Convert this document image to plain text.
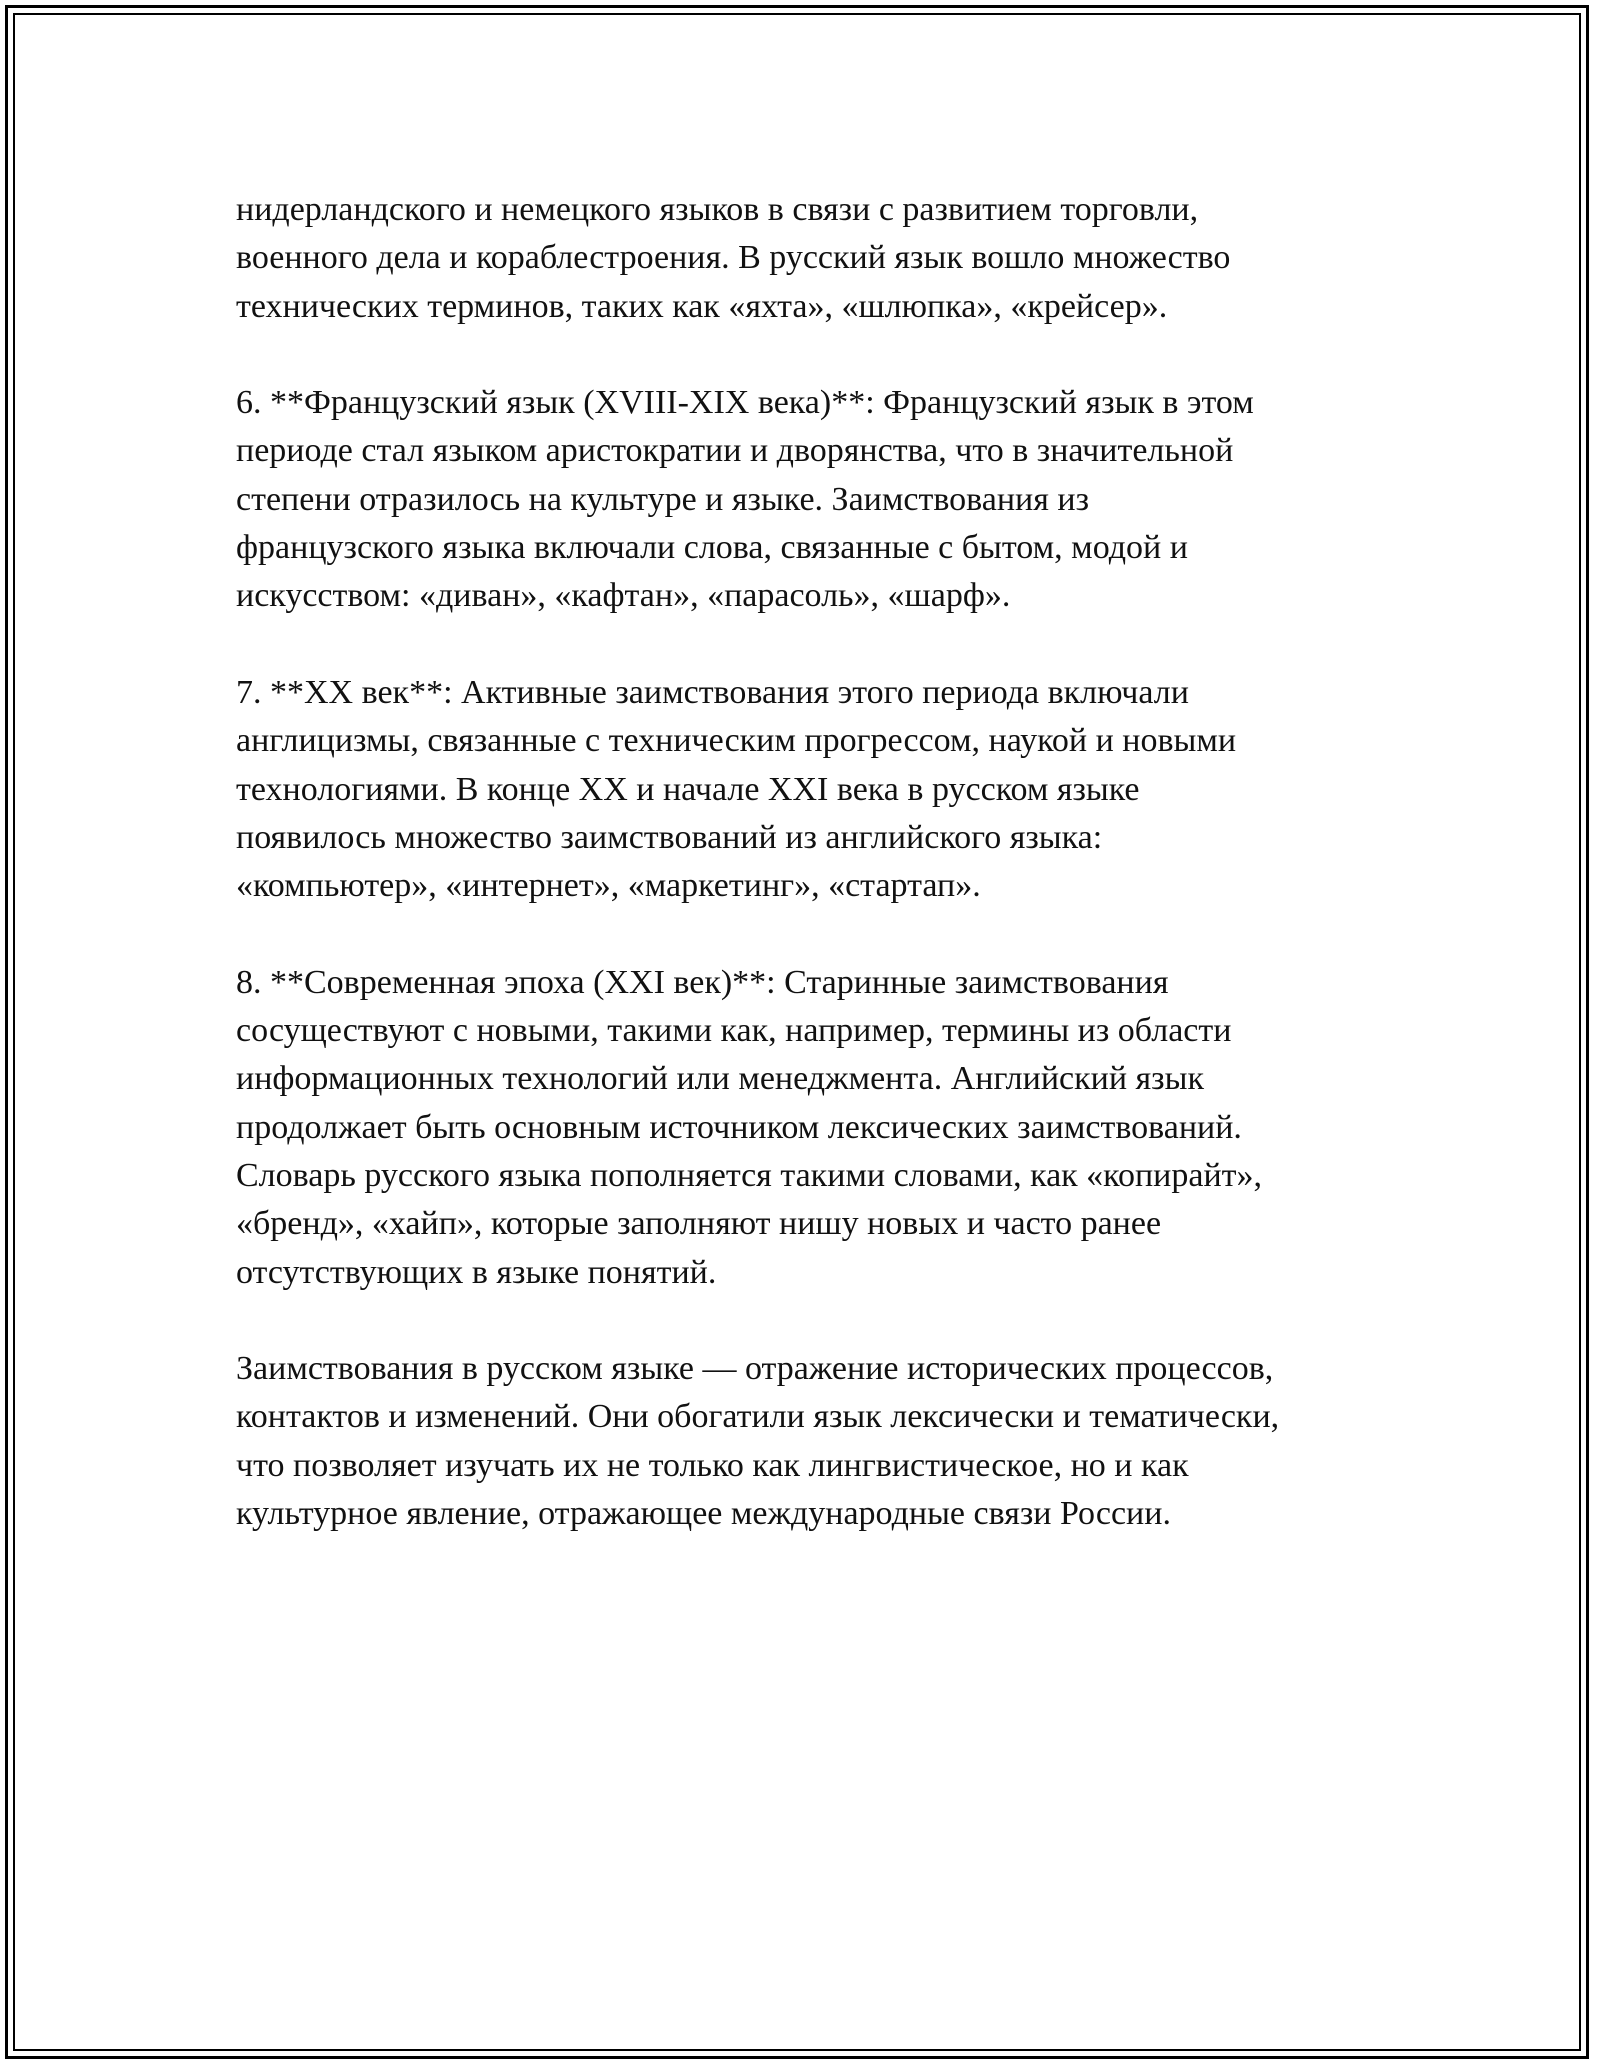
нидерландского и немецкого языков в связи с развитием торговли,
военного дела и кораблестроения. В русский язык вошло множество
технических терминов, таких как «яхта», «шлюпка», «крейсер».

6. **Французский язык (XVIII-XIX века)**: Французский язык в этом
периоде стал языком аристократии и дворянства, что в значительной
степени отразилось на культуре и языке. Заимствования из
французского языка включали слова, связанные с бытом, модой и
искусством: «диван», «кафтан», «парасоль», «шарф».

7. **XX век**: Активные заимствования этого периода включали
англицизмы, связанные с техническим прогрессом, наукой и новыми
технологиями. В конце XX и начале XXI века в русском языке
появилось множество заимствований из английского языка:
«компьютер», «интернет», «маркетинг», «стартап».

8. **Современная эпоха (XXI век)**: Старинные заимствования
сосуществуют с новыми, такими как, например, термины из области
информационных технологий или менеджмента. Английский язык
продолжает быть основным источником лексических заимствований.
Словарь русского языка пополняется такими словами, как «копирайт»,
«бренд», «хайп», которые заполняют нишу новых и часто ранее
отсутствующих в языке понятий.

Заимствования в русском языке — отражение исторических процессов,
контактов и изменений. Они обогатили язык лексически и тематически,
что позволяет изучать их не только как лингвистическое, но и как
культурное явление, отражающее международные связи России.
